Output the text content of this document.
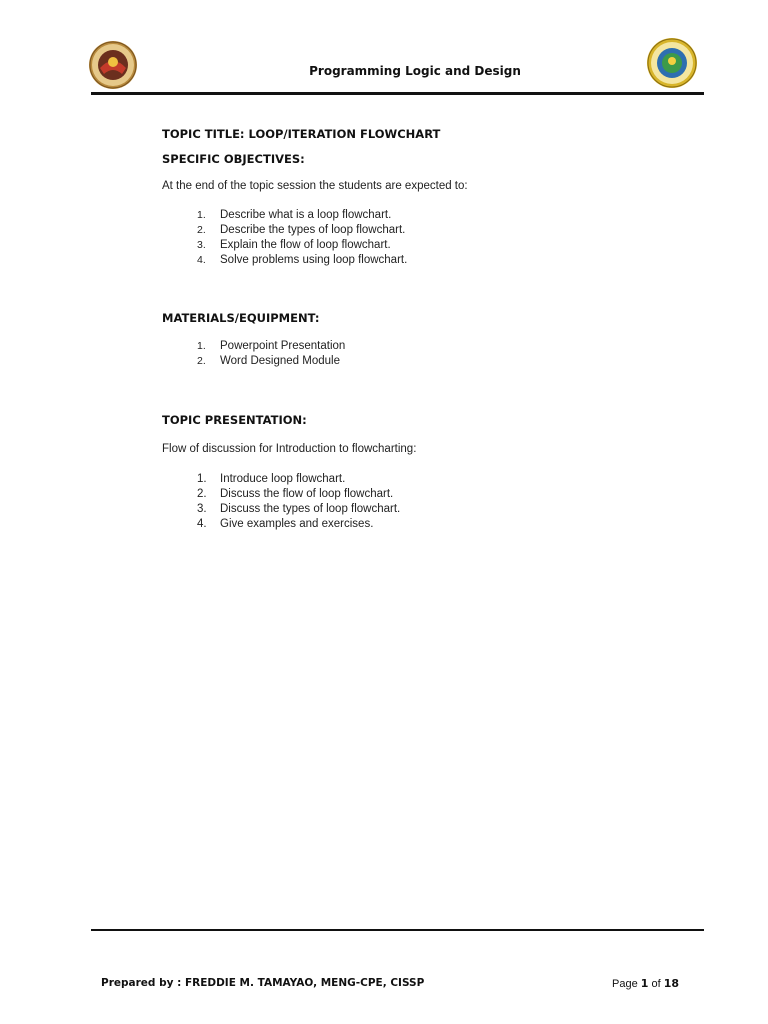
Programming Logic and Design
TOPIC TITLE: LOOP/ITERATION FLOWCHART
SPECIFIC OBJECTIVES:
At the end of the topic session the students are expected to:
1. Describe what is a loop flowchart.
2. Describe the types of loop flowchart.
3. Explain the flow of loop flowchart.
4. Solve problems using loop flowchart.
MATERIALS/EQUIPMENT:
1. Powerpoint Presentation
2. Word Designed Module
TOPIC PRESENTATION:
Flow of discussion for Introduction to flowcharting:
1. Introduce loop flowchart.
2. Discuss the flow of loop flowchart.
3. Discuss the types of loop flowchart.
4. Give examples and exercises.
Prepared by : FREDDIE M. TAMAYAO, MENG-CPE, CISSP	Page 1 of 18
